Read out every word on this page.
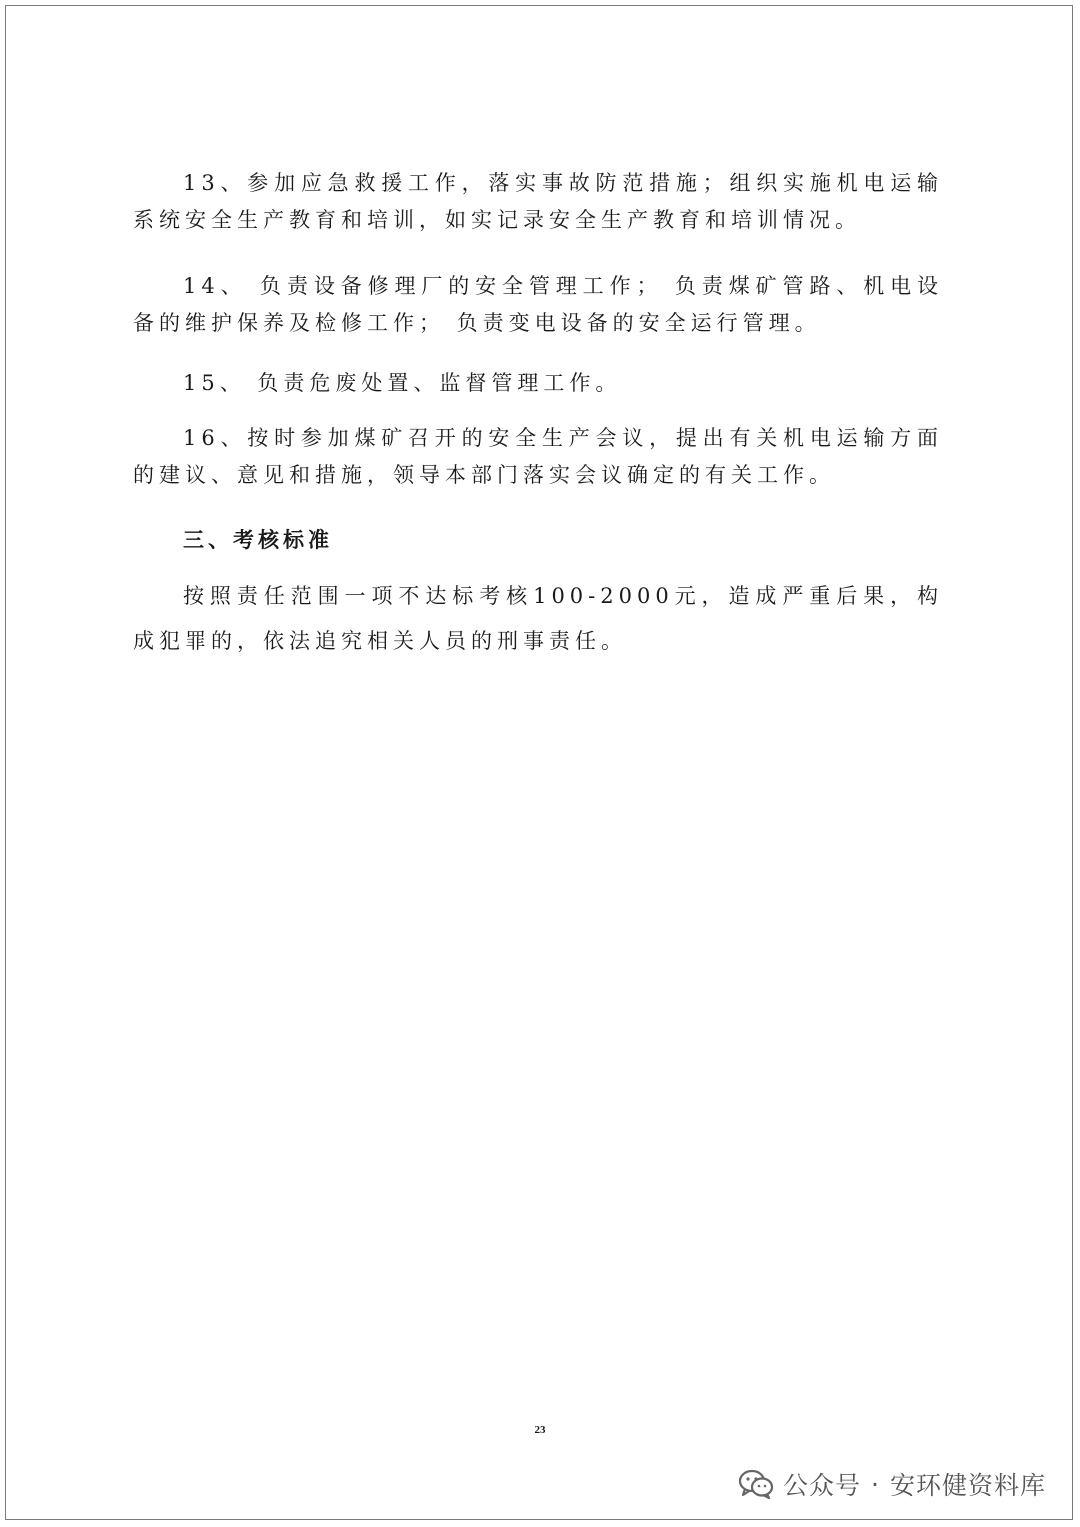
13、参加应急救援工作，落实事故防范措施；组织实施机电运输系统安全生产教育和培训，如实记录安全生产教育和培训情况。

14、 负责设备修理厂的安全管理工作； 负责煤矿管路、机电设备的维护保养及检修工作； 负责变电设备的安全运行管理。

15、 负责危废处置、监督管理工作。

16、按时参加煤矿召开的安全生产会议，提出有关机电运输方面的建议、意见和措施，领导本部门落实会议确定的有关工作。

三、考核标准

按照责任范围一项不达标考核100-2000元，造成严重后果，构成犯罪的，依法追究相关人员的刑事责任。

23
公众号 · 安环健资料库
